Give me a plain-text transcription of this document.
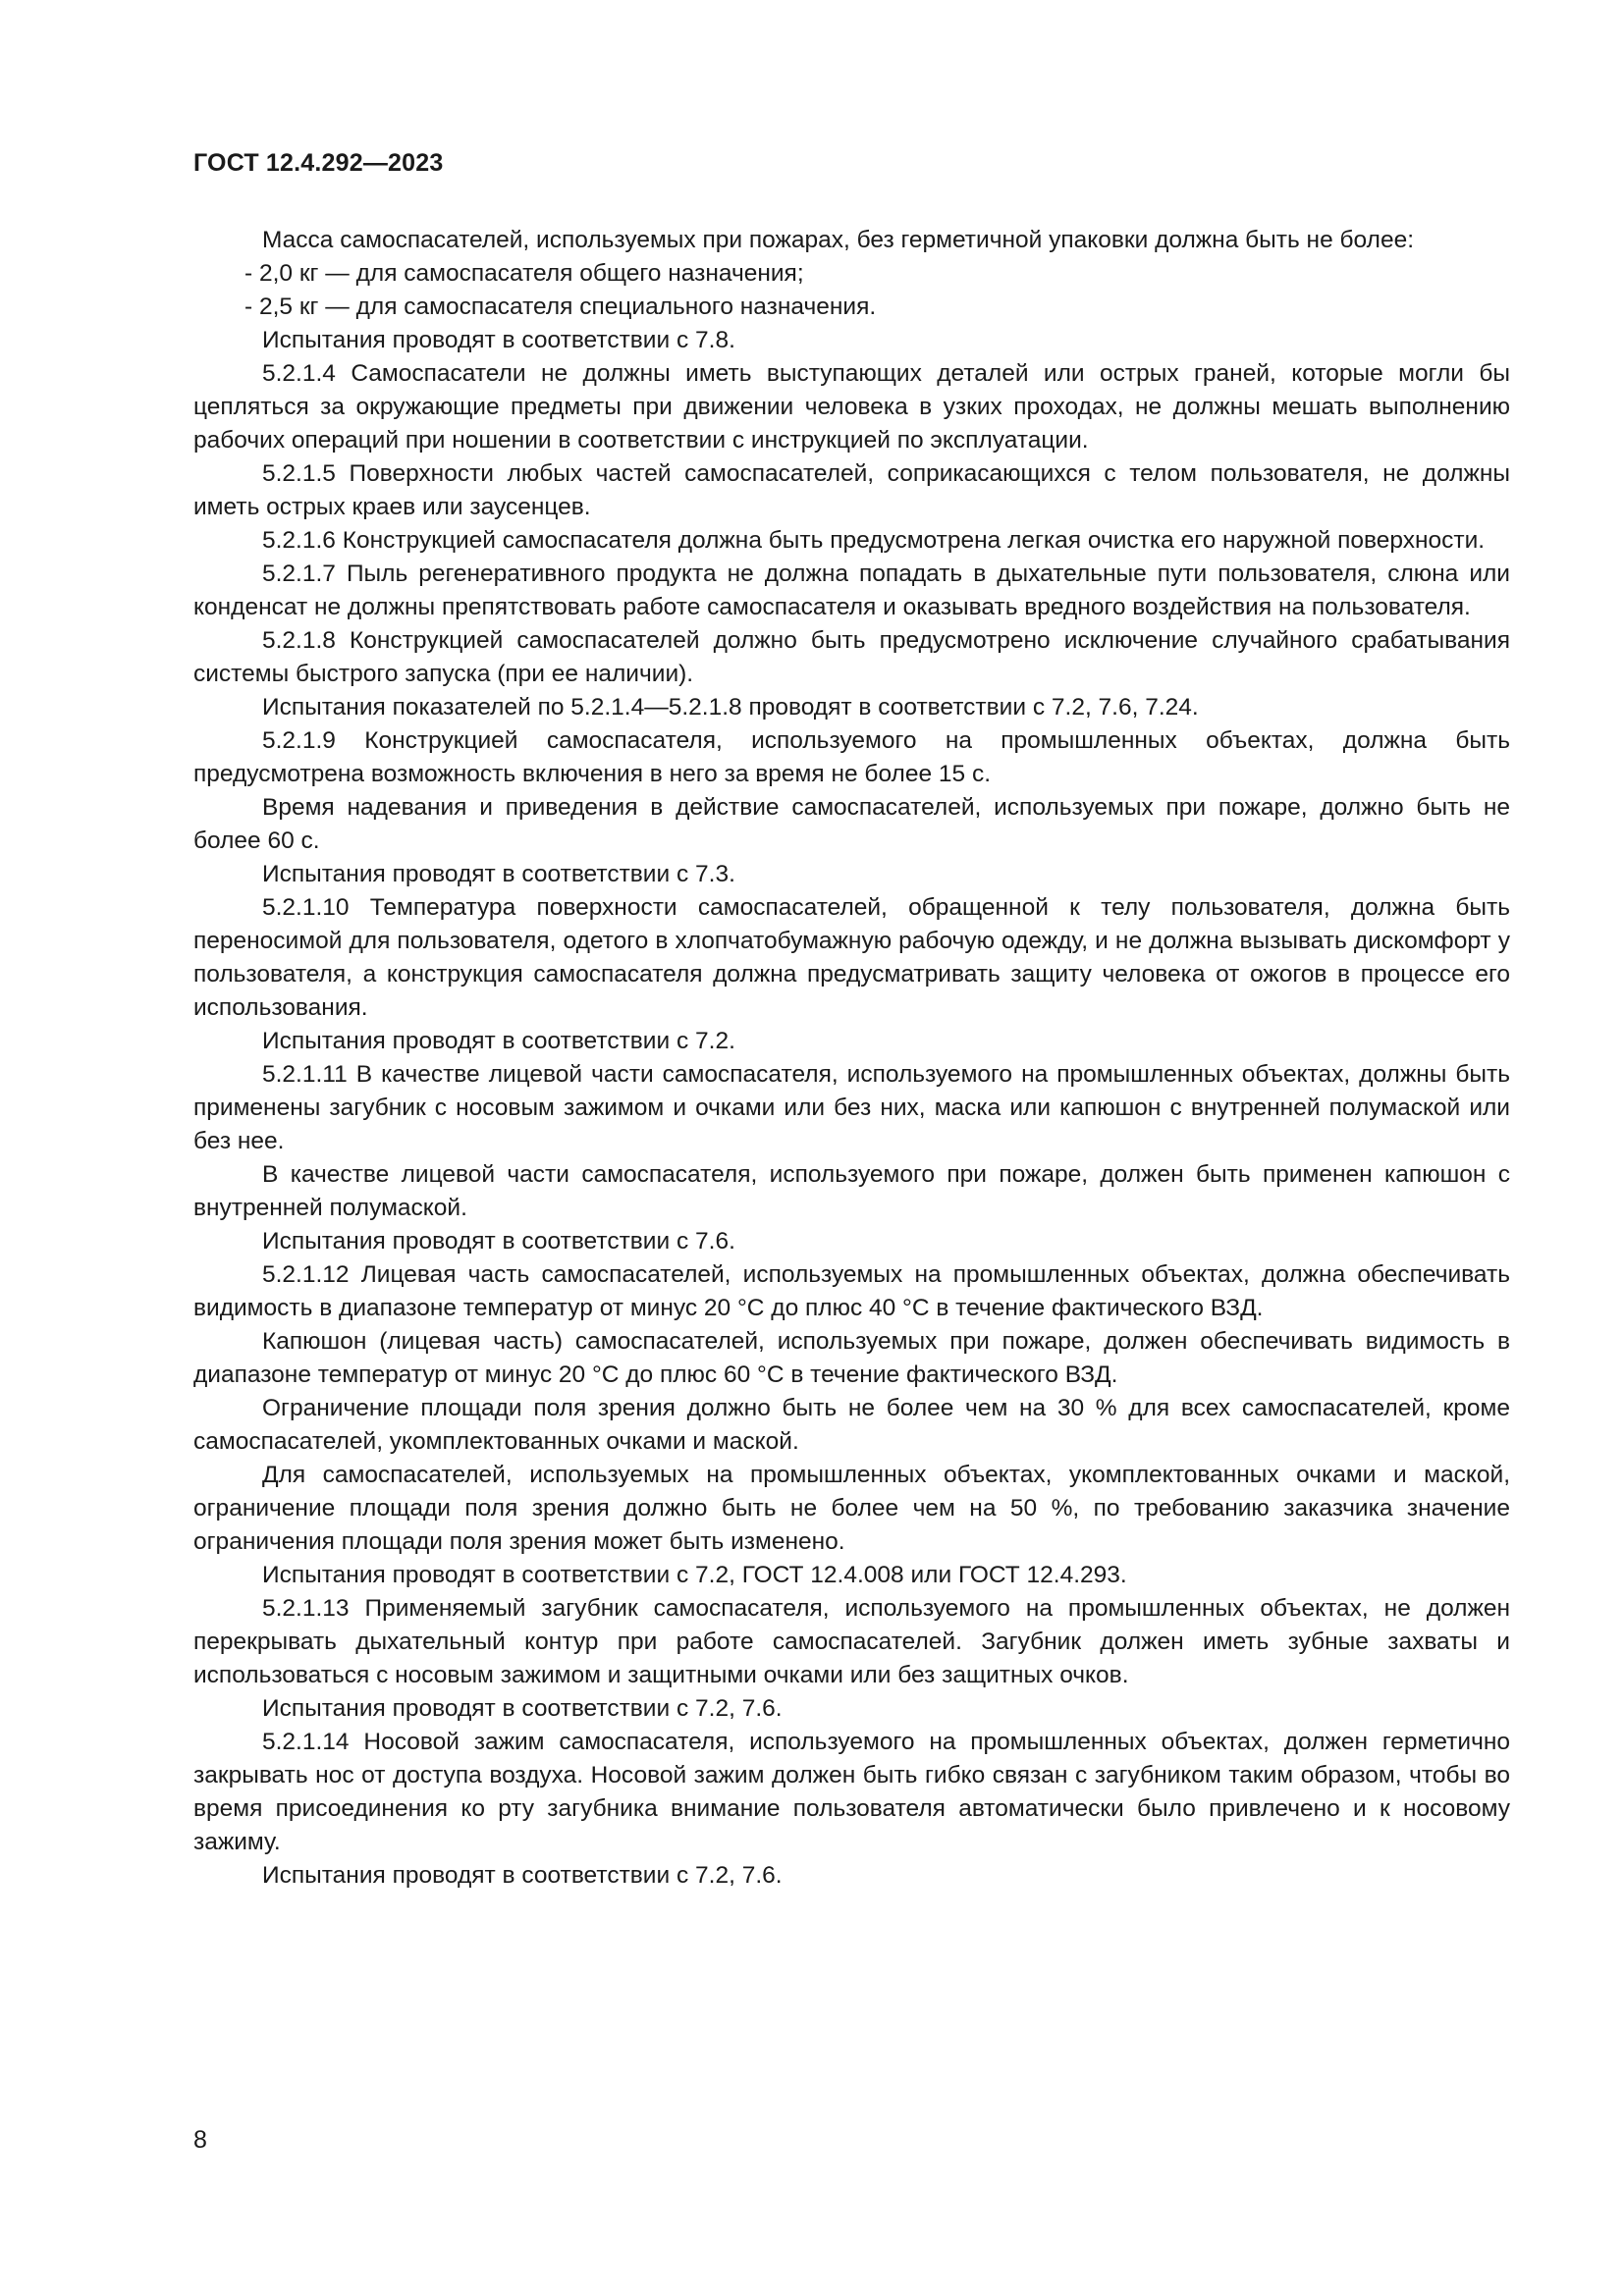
ГОСТ 12.4.292—2023

Масса самоспасателей, используемых при пожарах, без герметичной упаковки должна быть не более:

- 2,0 кг — для самоспасателя общего назначения;

- 2,5 кг — для самоспасателя специального назначения.

Испытания проводят в соответствии с 7.8.

5.2.1.4 Самоспасатели не должны иметь выступающих деталей или острых граней, которые могли бы цепляться за окружающие предметы при движении человека в узких проходах, не должны мешать выполнению рабочих операций при ношении в соответствии с инструкцией по эксплуатации.

5.2.1.5 Поверхности любых частей самоспасателей, соприкасающихся с телом пользователя, не должны иметь острых краев или заусенцев.

5.2.1.6 Конструкцией самоспасателя должна быть предусмотрена легкая очистка его наружной поверхности.

5.2.1.7 Пыль регенеративного продукта не должна попадать в дыхательные пути пользователя, слюна или конденсат не должны препятствовать работе самоспасателя и оказывать вредного воздействия на пользователя.

5.2.1.8 Конструкцией самоспасателей должно быть предусмотрено исключение случайного срабатывания системы быстрого запуска (при ее наличии).

Испытания показателей по 5.2.1.4—5.2.1.8 проводят в соответствии с 7.2, 7.6, 7.24.

5.2.1.9 Конструкцией самоспасателя, используемого на промышленных объектах, должна быть предусмотрена возможность включения в него за время не более 15 с.

Время надевания и приведения в действие самоспасателей, используемых при пожаре, должно быть не более 60 с.

Испытания проводят в соответствии с 7.3.

5.2.1.10 Температура поверхности самоспасателей, обращенной к телу пользователя, должна быть переносимой для пользователя, одетого в хлопчатобумажную рабочую одежду, и не должна вызывать дискомфорт у пользователя, а конструкция самоспасателя должна предусматривать защиту человека от ожогов в процессе его использования.

Испытания проводят в соответствии с 7.2.

5.2.1.11 В качестве лицевой части самоспасателя, используемого на промышленных объектах, должны быть применены загубник с носовым зажимом и очками или без них, маска или капюшон с внутренней полумаской или без нее.

В качестве лицевой части самоспасателя, используемого при пожаре, должен быть применен капюшон с внутренней полумаской.

Испытания проводят в соответствии с 7.6.

5.2.1.12 Лицевая часть самоспасателей, используемых на промышленных объектах, должна обеспечивать видимость в диапазоне температур от минус 20 °С до плюс 40 °С в течение фактического ВЗД.

Капюшон (лицевая часть) самоспасателей, используемых при пожаре, должен обеспечивать видимость в диапазоне температур от минус 20 °С до плюс 60 °С в течение фактического ВЗД.

Ограничение площади поля зрения должно быть не более чем на 30 % для всех самоспасателей, кроме самоспасателей, укомплектованных очками и маской.

Для самоспасателей, используемых на промышленных объектах, укомплектованных очками и маской, ограничение площади поля зрения должно быть не более чем на 50 %, по требованию заказчика значение ограничения площади поля зрения может быть изменено.

Испытания проводят в соответствии с 7.2, ГОСТ 12.4.008 или ГОСТ 12.4.293.

5.2.1.13 Применяемый загубник самоспасателя, используемого на промышленных объектах, не должен перекрывать дыхательный контур при работе самоспасателей. Загубник должен иметь зубные захваты и использоваться с носовым зажимом и защитными очками или без защитных очков.

Испытания проводят в соответствии с 7.2, 7.6.

5.2.1.14 Носовой зажим самоспасателя, используемого на промышленных объектах, должен герметично закрывать нос от доступа воздуха. Носовой зажим должен быть гибко связан с загубником таким образом, чтобы во время присоединения ко рту загубника внимание пользователя автоматически было привлечено и к носовому зажиму.

Испытания проводят в соответствии с 7.2, 7.6.

8
